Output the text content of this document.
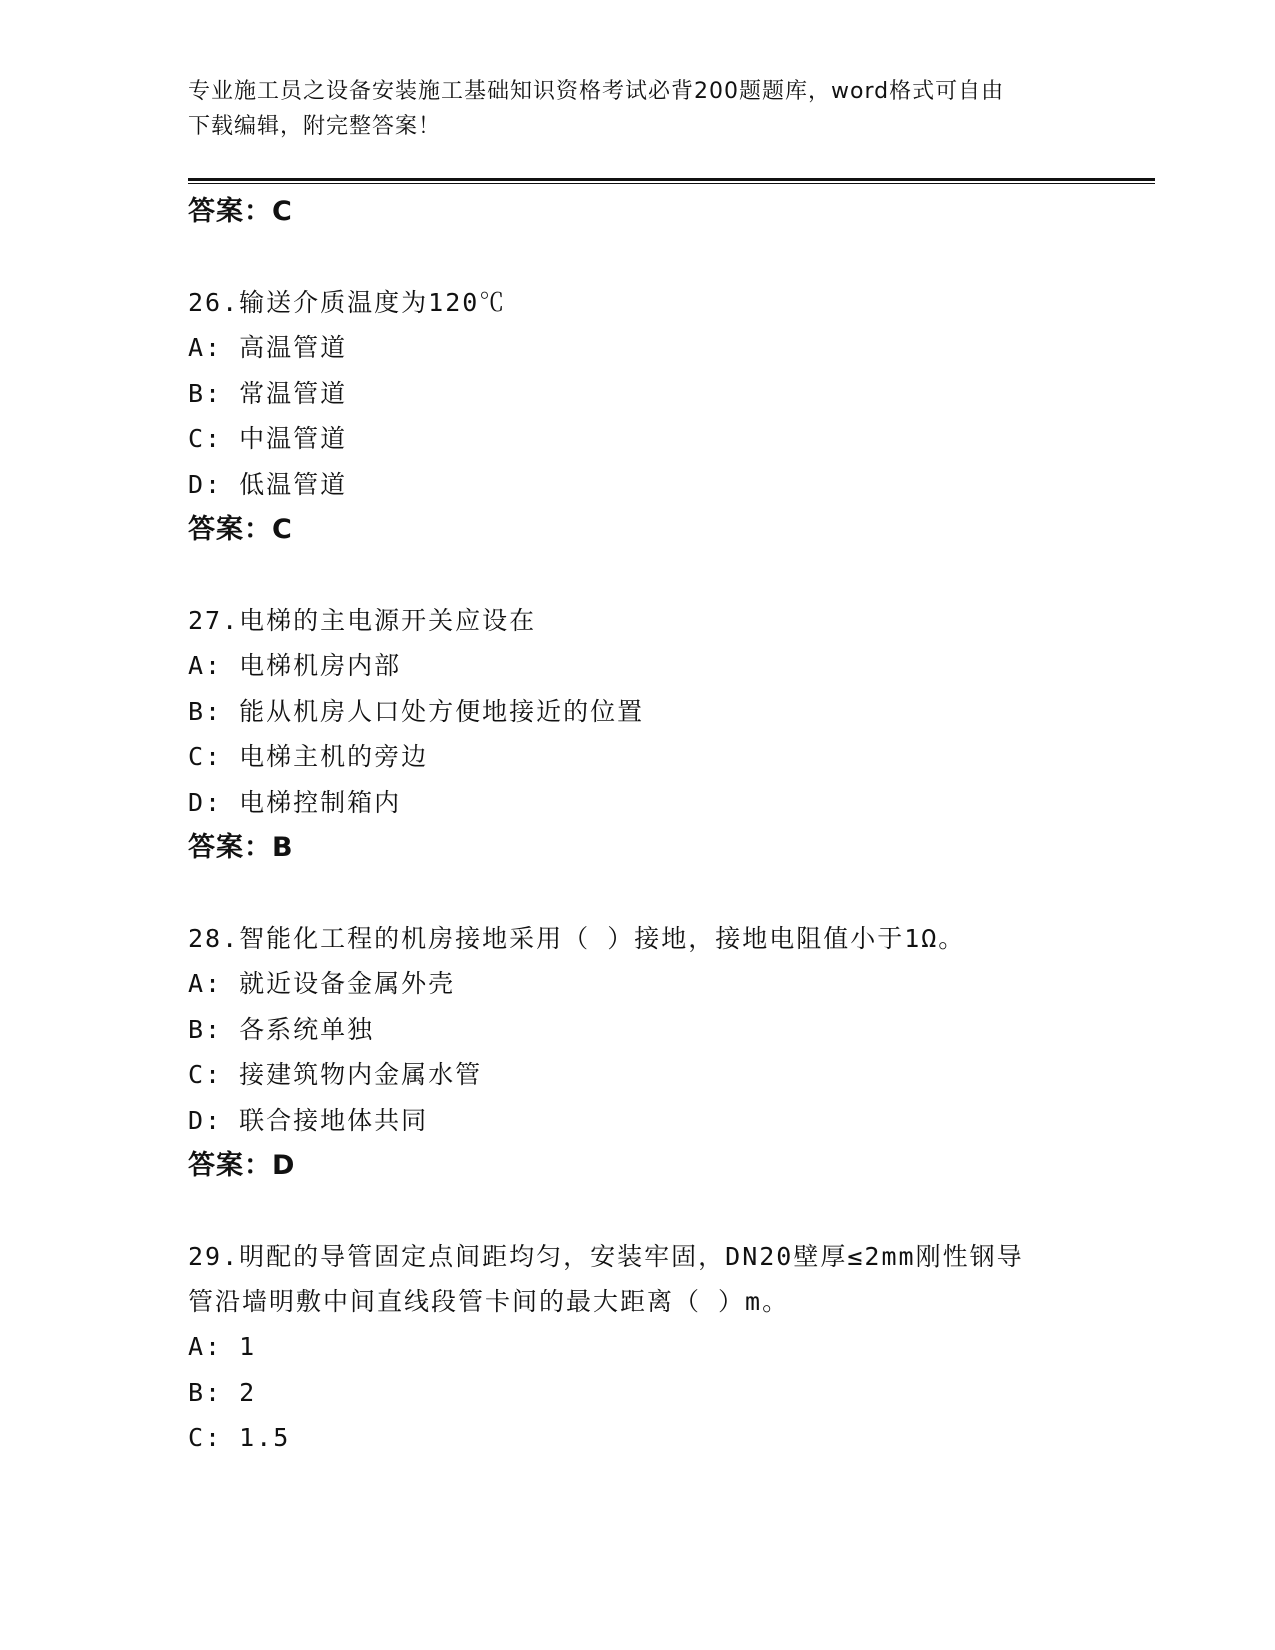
专业施工员之设备安装施工基础知识资格考试必背200题题库，word格式可自由
下载编辑，附完整答案！
答案：C
26.输送介质温度为120℃
A: 高温管道
B: 常温管道
C: 中温管道
D: 低温管道
答案：C
27.电梯的主电源开关应设在
A: 电梯机房内部
B: 能从机房人口处方便地接近的位置
C: 电梯主机的旁边
D: 电梯控制箱内
答案：B
28.智能化工程的机房接地采用（ ）接地，接地电阻值小于1Ω。
A: 就近设备金属外壳
B: 各系统单独
C: 接建筑物内金属水管
D: 联合接地体共同
答案：D
29.明配的导管固定点间距均匀，安装牢固，DN20壁厚≤2mm刚性钢导
管沿墙明敷中间直线段管卡间的最大距离（ ）m。
A: 1
B: 2
C: 1.5
